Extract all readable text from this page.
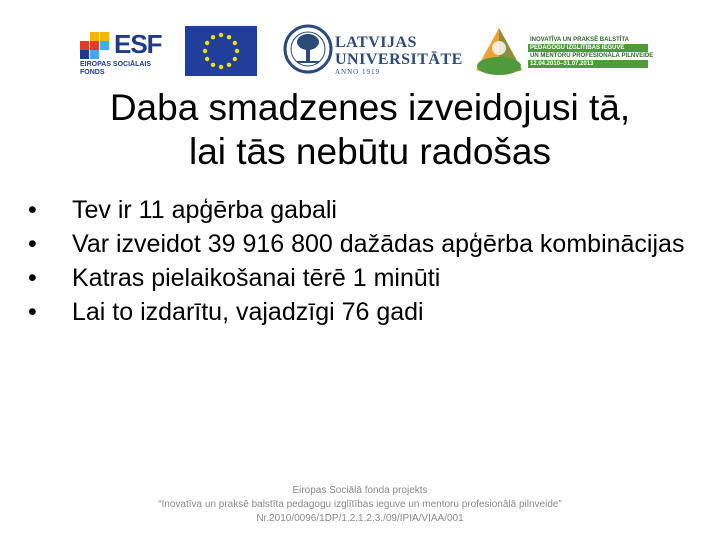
ESF
EIROPAS SOCIĀLAIS
FONDS
LATVIJAS
UNIVERSITĀTE
ANNO 1919
INOVATĪVA UN PRAKSĒ BALSTĪTA
PEDAGOGU IZGLĪTĪBAS IEGUVE
UN MENTORU PROFESIONĀLĀ PILNVEIDE
12.04.2010–31.07.2013
Daba smadzenes izveidojusi tā,
lai tās nebūtu radošas
• Tev ir 11 apģērba gabali
• Var izveidot 39 916 800 dažādas apģērba kombinācijas
• Katras pielaikošanai tērē 1 minūti
• Lai to izdarītu, vajadzīgi 76 gadi
Eiropas Sociālā fonda projekts
“Inovatīva un praksē balstīta pedagogu izglītības ieguve un mentoru profesionālā pilnveide”
Nr.2010/0096/1DP/1.2.1.2.3./09/IPIA/VIAA/001
